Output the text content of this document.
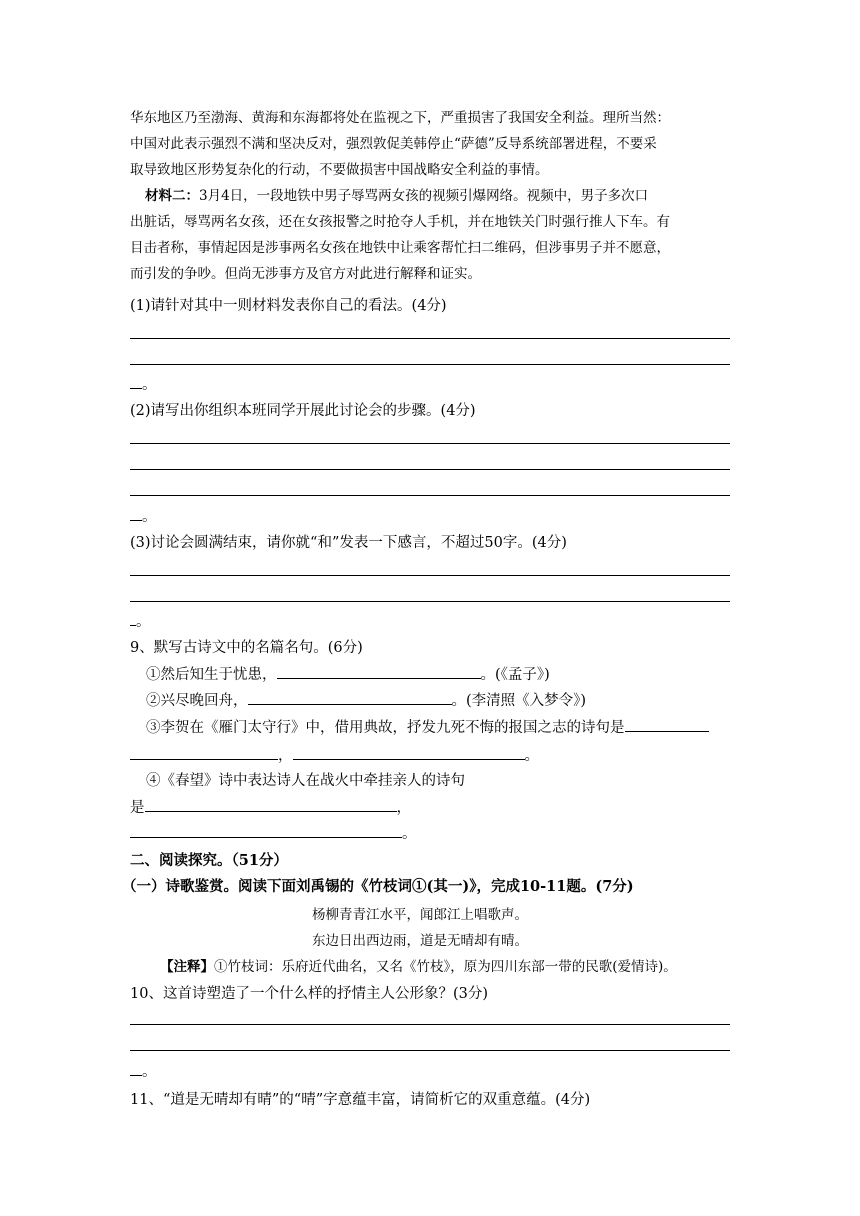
华东地区乃至渤海、黄海和东海都将处在监视之下，严重损害了我国安全利益。理所当然：
中国对此表示强烈不满和坚决反对，强烈敦促美韩停止“萨德”反导系统部署进程，不要采
取导致地区形势复杂化的行动，不要做损害中国战略安全利益的事情。
材料二：3月4日，一段地铁中男子辱骂两女孩的视频引爆网络。视频中，男子多次口
出脏话，辱骂两名女孩，还在女孩报警之时抢夺人手机，并在地铁关门时强行推人下车。有
目击者称，事情起因是涉事两名女孩在地铁中让乘客帮忙扫二维码，但涉事男子并不愿意，
而引发的争吵。但尚无涉事方及官方对此进行解释和证实。
(1)请针对其中一则材料发表你自己的看法。(4分)
。
(2)请写出你组织本班同学开展此讨论会的步骤。(4分)
。
(3)讨论会圆满结束，请你就“和”发表一下感言，不超过50字。(4分)
。
9、默写古诗文中的名篇名句。(6分)
①然后知生于忧患，	。(《孟子》)
②兴尽晚回舟，	。(李清照《入梦令》)
③李贺在《雁门太守行》中，借用典故，抒发九死不悔的报国之志的诗句是
，	。
④《春望》诗中表达诗人在战火中牵挂亲人的诗句
是	，
。
二、阅读探究。（51分）
（一）诗歌鉴赏。阅读下面刘禹锡的《竹枝词①(其一)》，完成10-11题。(7分)
杨柳青青江水平，闻郎江上唱歌声。
东边日出西边雨，道是无晴却有晴。
【注释】①竹枝词：乐府近代曲名，又名《竹枝》，原为四川东部一带的民歌(爱情诗)。
10、这首诗塑造了一个什么样的抒情主人公形象？(3分)
。
11、“道是无晴却有晴”的“晴”字意蕴丰富，请简析它的双重意蕴。(4分)
